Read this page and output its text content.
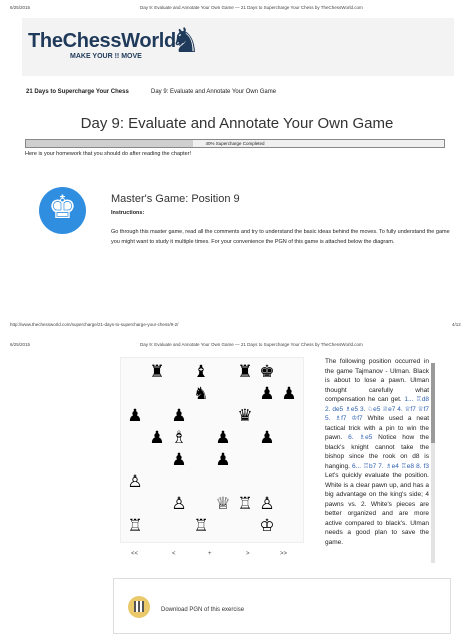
6/25/2015	Day 9: Evaluate and Annotate Your Own Game — 21 Days to Supercharge Your Chess by TheChessWorld.com
TheChessWorld
MAKE YOUR !! MOVE ♞
21 Days to Supercharge Your Chess	Day 9: Evaluate and Annotate Your Own Game
Day 9: Evaluate and Annotate Your Own Game
40% Supercharge Completed
Here is your homework that you should do after reading the chapter!
♚	Master's Game: Position 9
Instructions:
Go through this master game, read all the comments and try to understand the basic ideas behind the moves. To fully understand the game you might want to study it multiple times. For your convenience the PGN of this game is attached below the diagram.
http://www.thechessworld.com/supercharge/21-days-to-supercharge-your-chess/9-2/	4/12
6/25/2015	Day 9: Evaluate and Annotate Your Own Game — 21 Days to Supercharge Your Chess by TheChessWorld.com
♜ ♝ ♜ ♚
♞	♟ ♟
♟ ♟	♛
♟ ♗ ♟ ♟
♟ ♟
♙
♙ ♕ ♖ ♙
♖	♖	♔
<<	<	+	>	>>
The following position occurred in the game Tajmanov - Ulman. Black is about to lose a pawn. Ulman thought carefully what compensation he can get. 1... ♖d8 2. de5 ♗e5 3. ♘e5 ♕e7 4. ♕f7 ♕f7 5. ♗f7 ♔f7 White used a neat tactical trick with a pin to win the pawn. 6. ♗e5 Notice how the black's knight cannot take the bishop since the rook on d8 is hanging. 6... ♖b7 7. ♗e4 ♖e8 8. f3 Let's quickly evaluate the position. White is a clear pawn up, and has a big advantage on the king's side; 4 pawns vs. 2. White's pieces are better organized and are more active compared to black's. Ulman needs a good plan to save the game.
Download PGN of this exercise
